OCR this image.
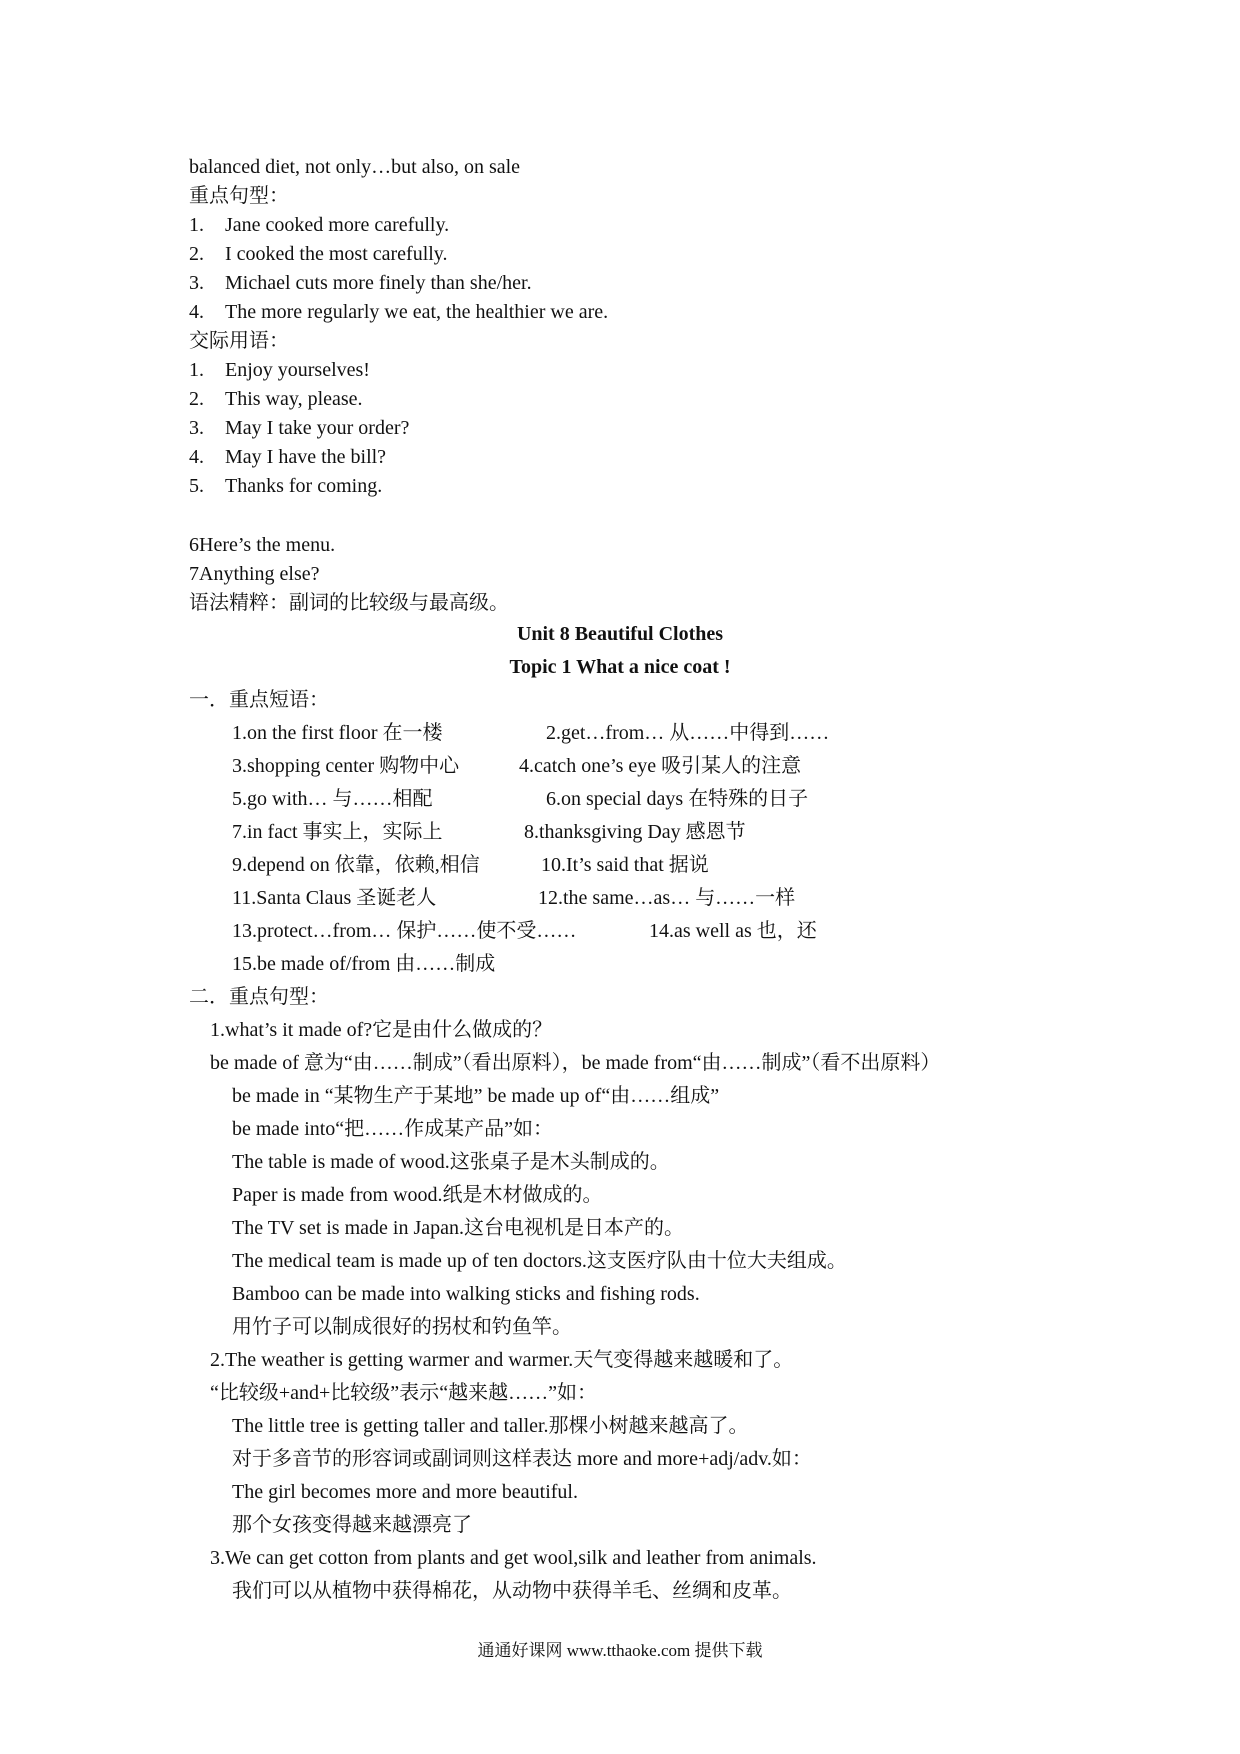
balanced diet, not only…but also, on sale
重点句型：
1. Jane cooked more carefully.
2. I cooked the most carefully.
3. Michael cuts more finely than she/her.
4. The more regularly we eat, the healthier we are.
交际用语：
1. Enjoy yourselves!
2. This way, please.
3. May I take your order?
4. May I have the bill?
5. Thanks for coming.
6Here’s the menu.
7Anything else?
语法精粹：副词的比较级与最高级。
Unit 8 Beautiful Clothes
Topic 1 What a nice coat !
一．重点短语：
1.on the first floor 在一楼	2.get…from… 从……中得到……
3.shopping center 购物中心	4.catch one’s eye 吸引某人的注意
5.go with… 与……相配	6.on special days 在特殊的日子
7.in fact 事实上，实际上	8.thanksgiving Day 感恩节
9.depend on 依靠，依赖,相信	10.It’s said that 据说
11.Santa Claus 圣诞老人	12.the same…as… 与……一样
13.protect…from… 保护……使不受……	14.as well as 也，还
15.be made of/from 由……制成
二．重点句型：
1.what’s it made of?它是由什么做成的？
be made of 意为“由……制成”（看出原料），be made from“由……制成”（看不出原料）
be made in “某物生产于某地” be made up of“由……组成”
be made into“把……作成某产品”如：
The table is made of wood.这张桌子是木头制成的。
Paper is made from wood.纸是木材做成的。
The TV set is made in Japan.这台电视机是日本产的。
The medical team is made up of ten doctors.这支医疗队由十位大夫组成。
Bamboo can be made into walking sticks and fishing rods.
用竹子可以制成很好的拐杖和钓鱼竿。
2.The weather is getting warmer and warmer.天气变得越来越暖和了。
“比较级+and+比较级”表示“越来越……”如：
The little tree is getting taller and taller.那棵小树越来越高了。
对于多音节的形容词或副词则这样表达 more and more+adj/adv.如：
The girl becomes more and more beautiful.
那个女孩变得越来越漂亮了
3.We can get cotton from plants and get wool,silk and leather from animals.
我们可以从植物中获得棉花，从动物中获得羊毛、丝绸和皮革。
通通好课网 www.tthaoke.com 提供下载
